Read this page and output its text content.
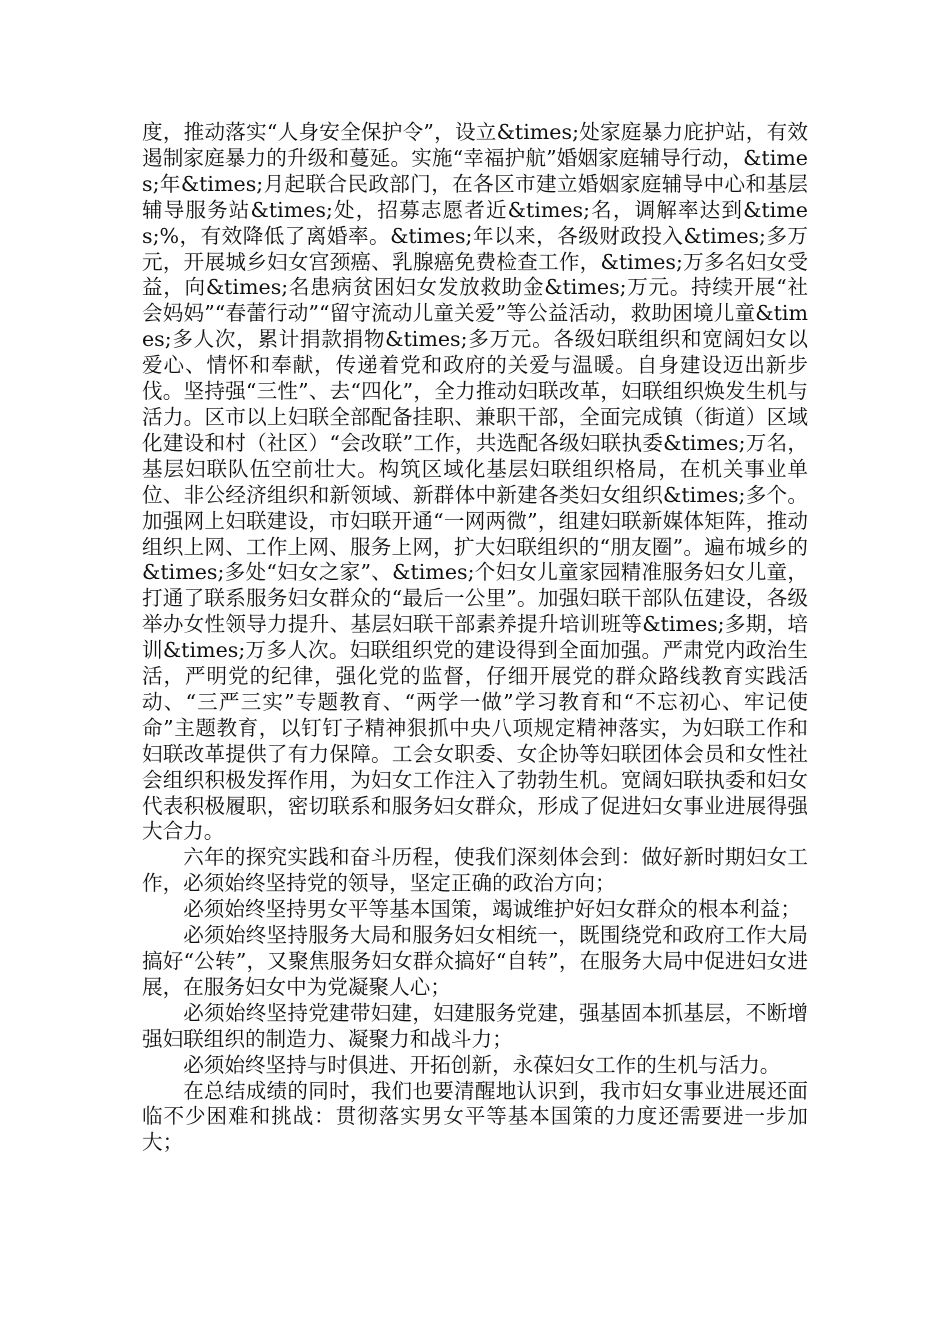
度，推动落实“人身安全保护令”，设立&times;处家庭暴力庇护站，有效遏制家庭暴力的升级和蔓延。实施“幸福护航”婚姻家庭辅导行动，&times;年&times;月起联合民政部门，在各区市建立婚姻家庭辅导中心和基层辅导服务站&times;处，招募志愿者近&times;名，调解率达到&times;%，有效降低了离婚率。&times;年以来，各级财政投入&times;多万元，开展城乡妇女宫颈癌、乳腺癌免费检查工作，&times;万多名妇女受益，向&times;名患病贫困妇女发放救助金&times;万元。持续开展“社会妈妈”“春蕾行动”“留守流动儿童关爱”等公益活动，救助困境儿童&times;多人次，累计捐款捐物&times;多万元。各级妇联组织和宽阔妇女以爱心、情怀和奉献，传递着党和政府的关爱与温暖。自身建设迈出新步伐。坚持强“三性”、去“四化”，全力推动妇联改革，妇联组织焕发生机与活力。区市以上妇联全部配备挂职、兼职干部，全面完成镇（街道）区域化建设和村（社区）“会改联”工作，共选配各级妇联执委&times;万名，基层妇联队伍空前壮大。构筑区域化基层妇联组织格局，在机关事业单位、非公经济组织和新领域、新群体中新建各类妇女组织&times;多个。加强网上妇联建设，市妇联开通“一网两微”，组建妇联新媒体矩阵，推动组织上网、工作上网、服务上网，扩大妇联组织的“朋友圈”。遍布城乡的&times;多处“妇女之家”、&times;个妇女儿童家园精准服务妇女儿童，打通了联系服务妇女群众的“最后一公里”。加强妇联干部队伍建设，各级举办女性领导力提升、基层妇联干部素养提升培训班等&times;多期，培训&times;万多人次。妇联组织党的建设得到全面加强。严肃党内政治生活，严明党的纪律，强化党的监督，仔细开展党的群众路线教育实践活动、“三严三实”专题教育、“两学一做”学习教育和“不忘初心、牢记使命”主题教育，以钉钉子精神狠抓中央八项规定精神落实，为妇联工作和妇联改革提供了有力保障。工会女职委、女企协等妇联团体会员和女性社会组织积极发挥作用，为妇女工作注入了勃勃生机。宽阔妇联执委和妇女代表积极履职，密切联系和服务妇女群众，形成了促进妇女事业进展得强大合力。

六年的探究实践和奋斗历程，使我们深刻体会到：做好新时期妇女工作，必须始终坚持党的领导，坚定正确的政治方向；

必须始终坚持男女平等基本国策，竭诚维护好妇女群众的根本利益；

必须始终坚持服务大局和服务妇女相统一，既围绕党和政府工作大局搞好“公转”，又聚焦服务妇女群众搞好“自转”，在服务大局中促进妇女进展，在服务妇女中为党凝聚人心；

必须始终坚持党建带妇建，妇建服务党建，强基固本抓基层，不断增强妇联组织的制造力、凝聚力和战斗力；

必须始终坚持与时俱进、开拓创新，永葆妇女工作的生机与活力。

在总结成绩的同时，我们也要清醒地认识到，我市妇女事业进展还面临不少困难和挑战：贯彻落实男女平等基本国策的力度还需要进一步加大；
